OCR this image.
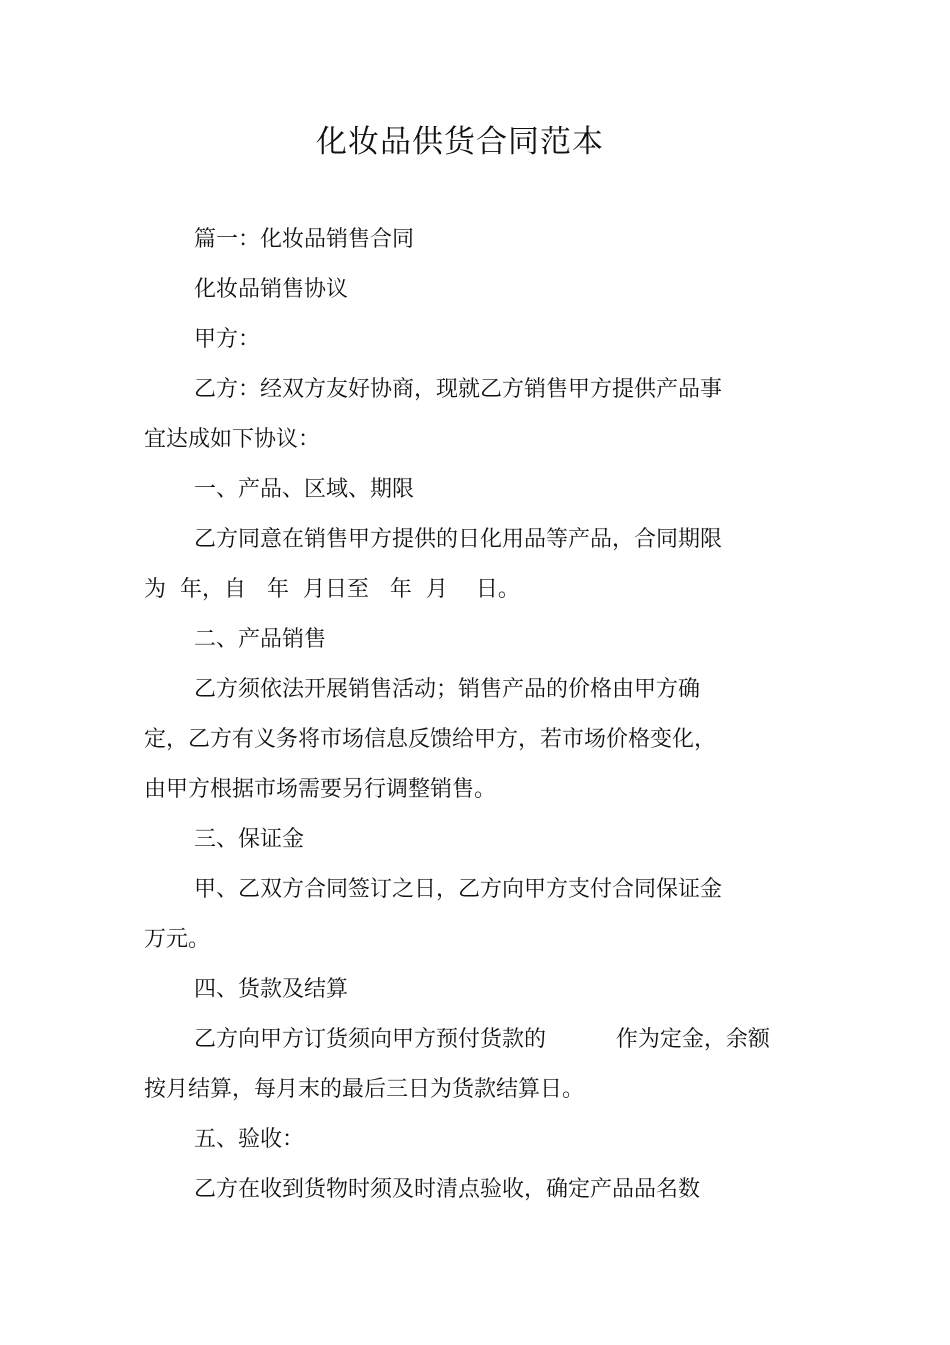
化妆品供货合同范本
篇一：化妆品销售合同
化妆品销售协议
甲方：
乙方：经双方友好协商，现就乙方销售甲方提供产品事
宜达成如下协议：
一、产品、区域、期限
乙方同意在销售甲方提供的日化用品等产品，合同期限
为  年，自   年  月日至   年  月    日。
二、产品销售
乙方须依法开展销售活动；销售产品的价格由甲方确
定，乙方有义务将市场信息反馈给甲方，若市场价格变化，
由甲方根据市场需要另行调整销售。
三、保证金
甲、乙双方合同签订之日，乙方向甲方支付合同保证金
万元。
四、货款及结算
乙方向甲方订货须向甲方预付货款的          作为定金，余额
按月结算，每月末的最后三日为货款结算日。
五、验收：
乙方在收到货物时须及时清点验收，确定产品品名数
